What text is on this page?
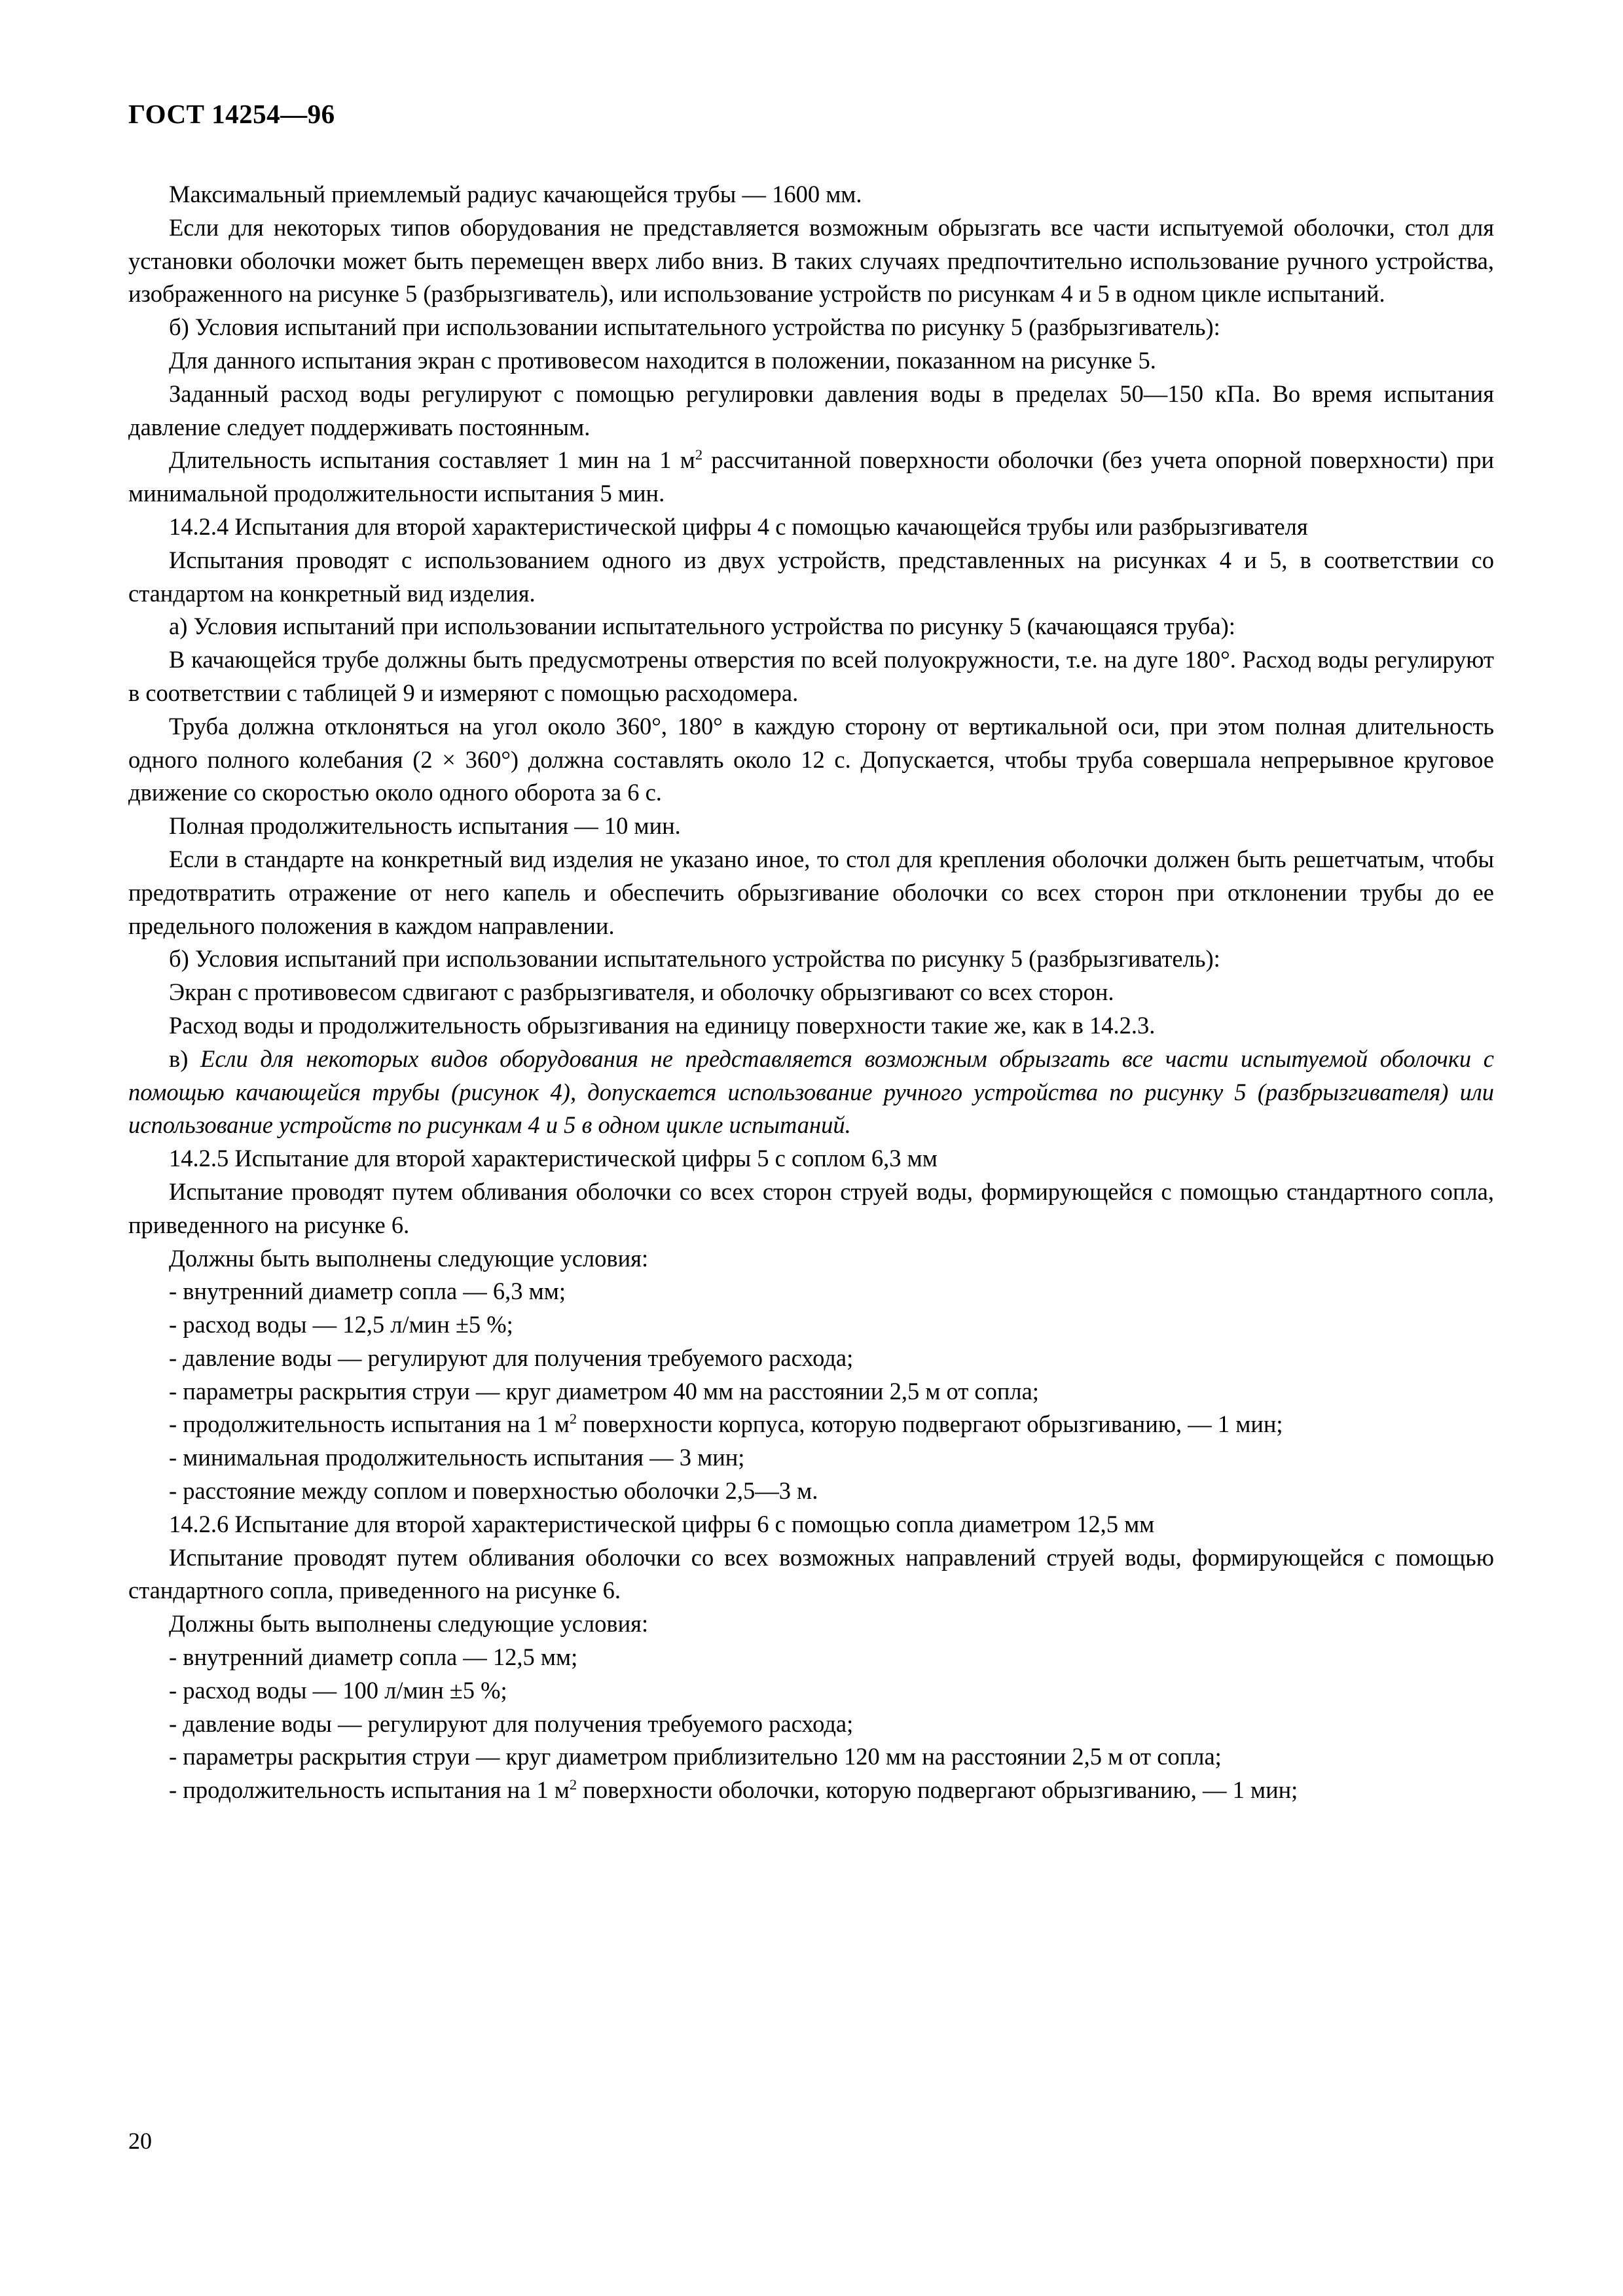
ГОСТ 14254—96

Максимальный приемлемый радиус качающейся трубы — 1600 мм.

Если для некоторых типов оборудования не представляется возможным обрызгать все части испытуемой оболочки, стол для установки оболочки может быть перемещен вверх либо вниз. В таких случаях предпочтительно использование ручного устройства, изображенного на рисунке 5 (разбрызгиватель), или использование устройств по рисункам 4 и 5 в одном цикле испытаний.

б) Условия испытаний при использовании испытательного устройства по рисунку 5 (разбрызгиватель):

Для данного испытания экран с противовесом находится в положении, показанном на рисунке 5.

Заданный расход воды регулируют с помощью регулировки давления воды в пределах 50—150 кПа. Во время испытания давление следует поддерживать постоянным.

Длительность испытания составляет 1 мин на 1 $м^2$ рассчитанной поверхности оболочки (без учета опорной поверхности) при минимальной продолжительности испытания 5 мин.

14.2.4 Испытания для второй характеристической цифры 4 с помощью качающейся трубы или разбрызгивателя

Испытания проводят с использованием одного из двух устройств, представленных на рисунках 4 и 5, в соответствии со стандартом на конкретный вид изделия.

а) Условия испытаний при использовании испытательного устройства по рисунку 5 (качающаяся труба):

В качающейся трубе должны быть предусмотрены отверстия по всей полуокружности, т.е. на дуге 180°. Расход воды регулируют в соответствии с таблицей 9 и измеряют с помощью расходомера.

Труба должна отклоняться на угол около 360°, 180° в каждую сторону от вертикальной оси, при этом полная длительность одного полного колебания (2 × 360°) должна составлять около 12 с. Допускается, чтобы труба совершала непрерывное круговое движение со скоростью около одного оборота за 6 с.

Полная продолжительность испытания — 10 мин.

Если в стандарте на конкретный вид изделия не указано иное, то стол для крепления оболочки должен быть решетчатым, чтобы предотвратить отражение от него капель и обеспечить обрызгивание оболочки со всех сторон при отклонении трубы до ее предельного положения в каждом направлении.

б) Условия испытаний при использовании испытательного устройства по рисунку 5 (разбрызгиватель):

Экран с противовесом сдвигают с разбрызгивателя, и оболочку обрызгивают со всех сторон.

Расход воды и продолжительность обрызгивания на единицу поверхности такие же, как в 14.2.3.

в) Если для некоторых видов оборудования не представляется возможным обрызгать все части испытуемой оболочки с помощью качающейся трубы (рисунок 4), допускается использование ручного устройства по рисунку 5 (разбрызгивателя) или использование устройств по рисункам 4 и 5 в одном цикле испытаний.

14.2.5 Испытание для второй характеристической цифры 5 с соплом 6,3 мм

Испытание проводят путем обливания оболочки со всех сторон струей воды, формирующейся с помощью стандартного сопла, приведенного на рисунке 6.

Должны быть выполнены следующие условия:

- внутренний диаметр сопла — 6,3 мм;

- расход воды — 12,5 л/мин ±5 %;

- давление воды — регулируют для получения требуемого расхода;

- параметры раскрытия струи — круг диаметром 40 мм на расстоянии 2,5 м от сопла;

- продолжительность испытания на 1 $м^2$ поверхности корпуса, которую подвергают обрызгиванию, — 1 мин;

- минимальная продолжительность испытания — 3 мин;

- расстояние между соплом и поверхностью оболочки 2,5—3 м.

14.2.6 Испытание для второй характеристической цифры 6 с помощью сопла диаметром 12,5 мм

Испытание проводят путем обливания оболочки со всех возможных направлений струей воды, формирующейся с помощью стандартного сопла, приведенного на рисунке 6.

Должны быть выполнены следующие условия:

- внутренний диаметр сопла — 12,5 мм;

- расход воды — 100 л/мин ±5 %;

- давление воды — регулируют для получения требуемого расхода;

- параметры раскрытия струи — круг диаметром приблизительно 120 мм на расстоянии 2,5 м от сопла;

- продолжительность испытания на 1 $м^2$ поверхности оболочки, которую подвергают обрызгиванию, — 1 мин;

20
